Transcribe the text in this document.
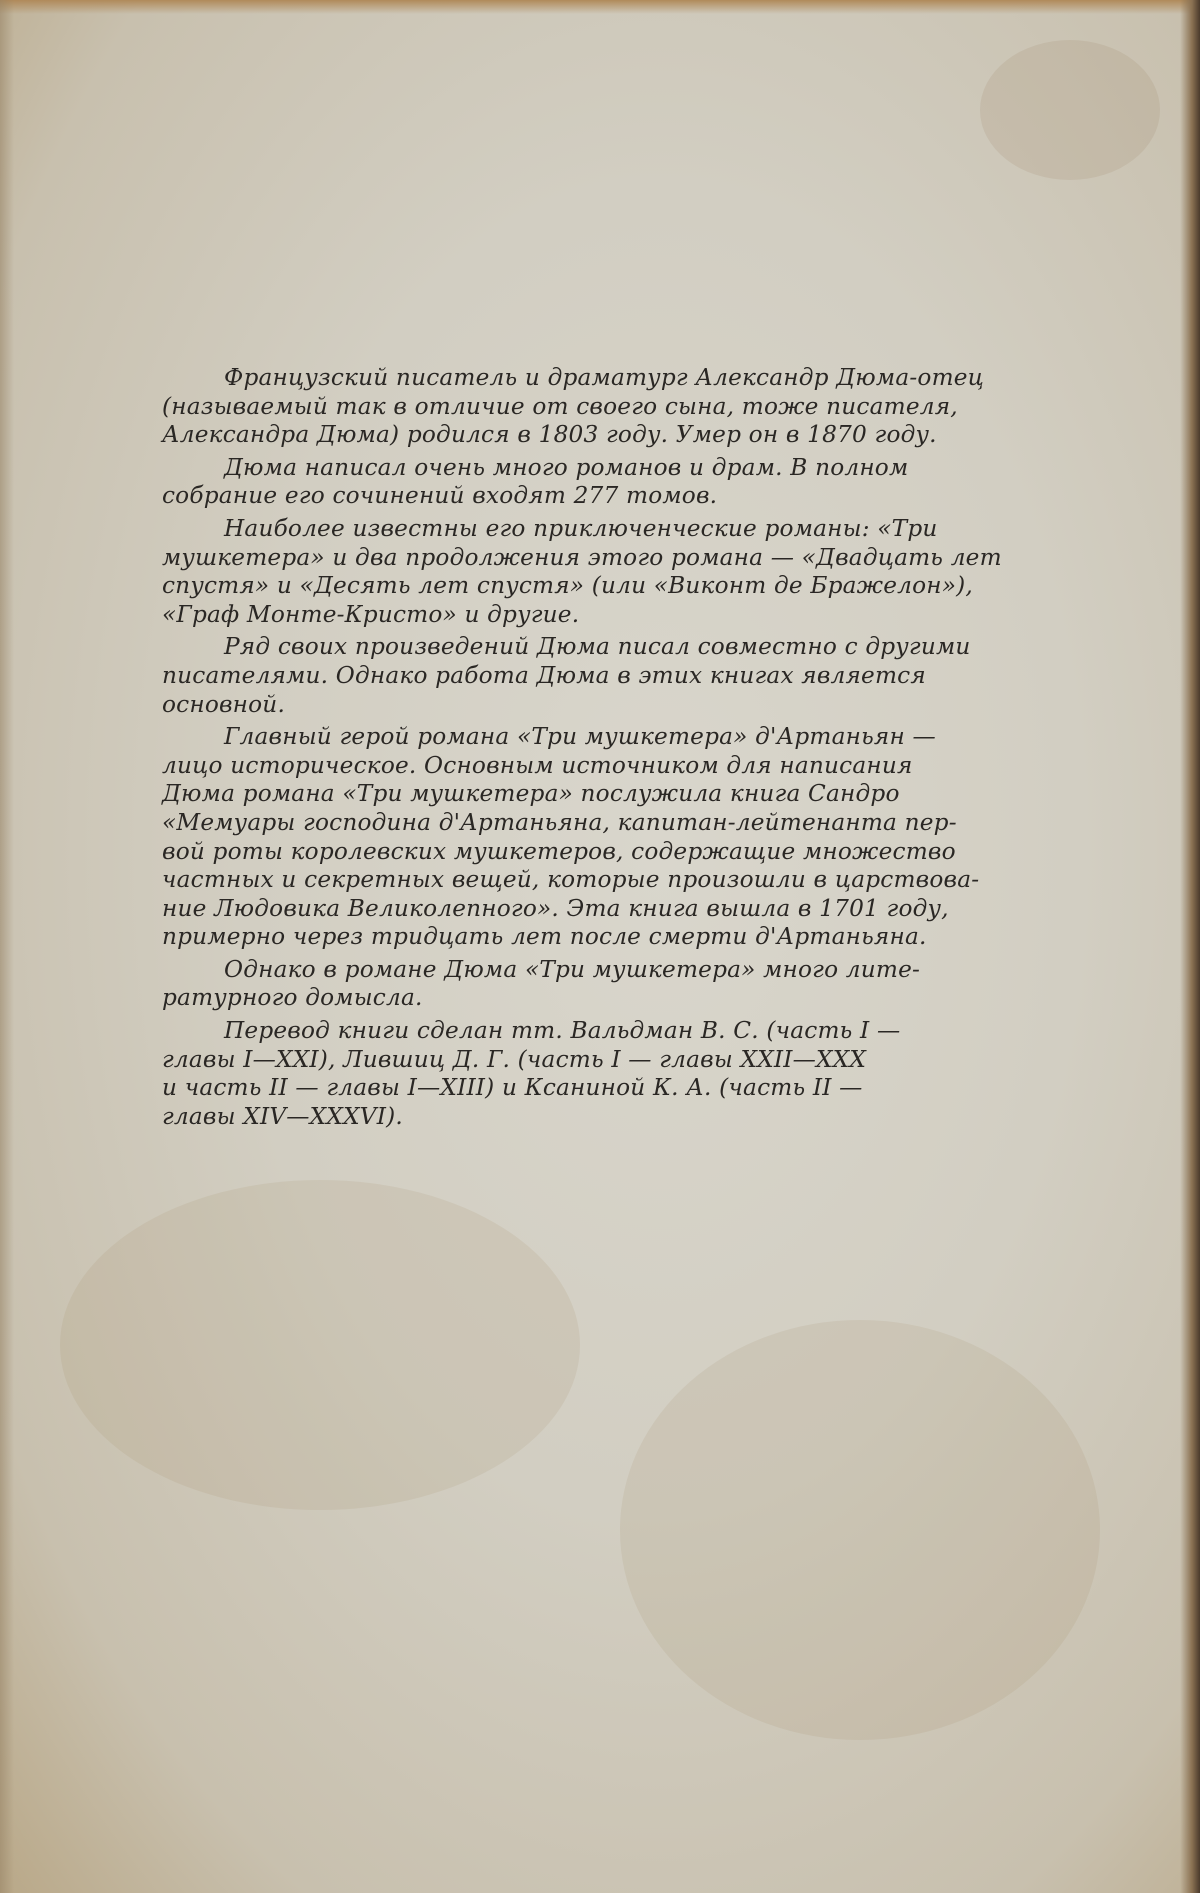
Французский писатель и драматург Александр Дюма-отец
(называемый так в отличие от своего сына, тоже писателя,
Александра Дюма) родился в 1803 году. Умер он в 1870 году.
Дюма написал очень много романов и драм. В полном
собрание его сочинений входят 277 томов.
Наиболее известны его приключенческие романы: «Три
мушкетера» и два продолжения этого романа — «Двадцать лет
спустя» и «Десять лет спустя» (или «Виконт де Бражелон»),
«Граф Монте-Кристо» и другие.
Ряд своих произведений Дюма писал совместно с другими
писателями. Однако работа Дюма в этих книгах является
основной.
Главный герой романа «Три мушкетера» д'Артаньян —
лицо историческое. Основным источником для написания
Дюма романа «Три мушкетера» послужила книга Сандро
«Мемуары господина д'Артаньяна, капитан-лейтенанта пер-
вой роты королевских мушкетеров, содержащие множество
частных и секретных вещей, которые произошли в царствова-
ние Людовика Великолепного». Эта книга вышла в 1701 году,
примерно через тридцать лет после смерти д'Артаньяна.
Однако в романе Дюма «Три мушкетера» много лите-
ратурного домысла.
Перевод книги сделан тт. Вальдман В. С. (часть I —
главы I—XXI), Лившиц Д. Г. (часть I — главы XXII—XXX
и часть II — главы I—XIII) и Ксаниной К. А. (часть II —
главы XIV—XXXVI).
